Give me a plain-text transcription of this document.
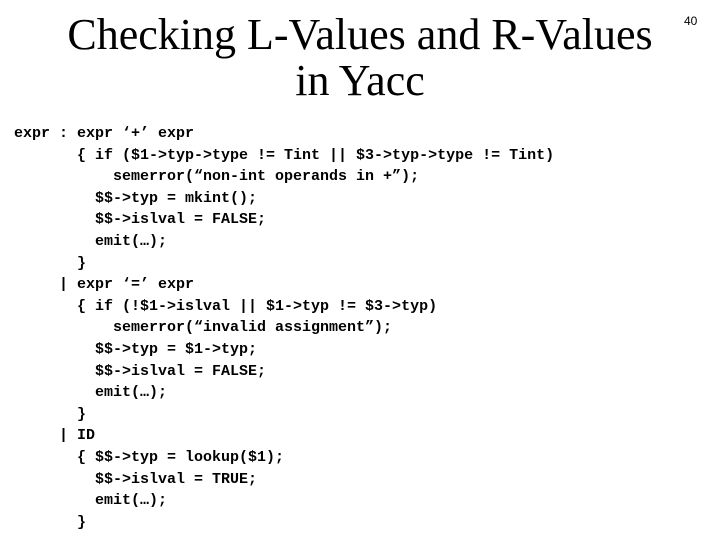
Checking L-Values and R-Values
in Yacc
40
expr : expr ‘+’ expr
{ if ($1->typ->type != Tint || $3->typ->type != Tint)
semerror(“non-int operands in +”);
$$->typ = mkint();
$$->islval = FALSE;
emit(…);
}
| expr ‘=’ expr
{ if (!$1->islval || $1->typ != $3->typ)
semerror(“invalid assignment”);
$$->typ = $1->typ;
$$->islval = FALSE;
emit(…);
}
| ID
{ $$->typ = lookup($1);
$$->islval = TRUE;
emit(…);
}
